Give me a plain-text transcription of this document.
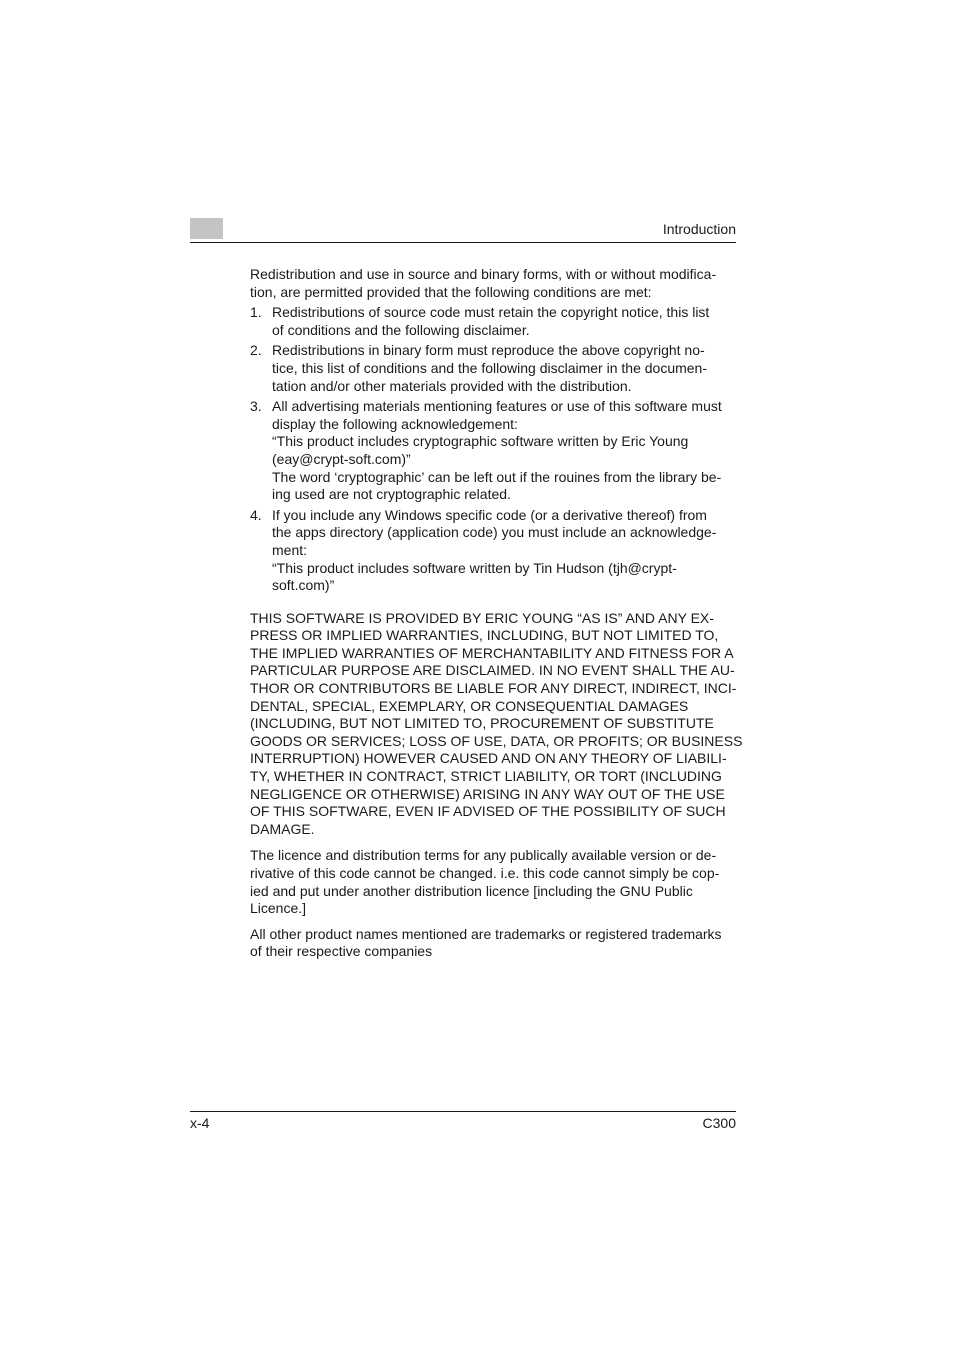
Introduction

Redistribution and use in source and binary forms, with or without modifica-
tion, are permitted provided that the following conditions are met:

1. Redistributions of source code must retain the copyright notice, this list
of conditions and the following disclaimer.
2. Redistributions in binary form must reproduce the above copyright no-
tice, this list of conditions and the following disclaimer in the documen-
tation and/or other materials provided with the distribution.
3. All advertising materials mentioning features or use of this software must
display the following acknowledgement:
“This product includes cryptographic software written by Eric Young
(eay@crypt-soft.com)”
The word ‘cryptographic’ can be left out if the rouines from the library be-
ing used are not cryptographic related.
4. If you include any Windows specific code (or a derivative thereof) from
the apps directory (application code) you must include an acknowledge-
ment:
“This product includes software written by Tin Hudson (tjh@crypt-
soft.com)”

THIS SOFTWARE IS PROVIDED BY ERIC YOUNG “AS IS” AND ANY EX-
PRESS OR IMPLIED WARRANTIES, INCLUDING, BUT NOT LIMITED TO,
THE IMPLIED WARRANTIES OF MERCHANTABILITY AND FITNESS FOR A
PARTICULAR PURPOSE ARE DISCLAIMED. IN NO EVENT SHALL THE AU-
THOR OR CONTRIBUTORS BE LIABLE FOR ANY DIRECT, INDIRECT, INCI-
DENTAL, SPECIAL, EXEMPLARY, OR CONSEQUENTIAL DAMAGES
(INCLUDING, BUT NOT LIMITED TO, PROCUREMENT OF SUBSTITUTE
GOODS OR SERVICES; LOSS OF USE, DATA, OR PROFITS; OR BUSINESS
INTERRUPTION) HOWEVER CAUSED AND ON ANY THEORY OF LIABILI-
TY, WHETHER IN CONTRACT, STRICT LIABILITY, OR TORT (INCLUDING
NEGLIGENCE OR OTHERWISE) ARISING IN ANY WAY OUT OF THE USE
OF THIS SOFTWARE, EVEN IF ADVISED OF THE POSSIBILITY OF SUCH
DAMAGE.

The licence and distribution terms for any publically available version or de-
rivative of this code cannot be changed. i.e. this code cannot simply be cop-
ied and put under another distribution licence [including the GNU Public
Licence.]

All other product names mentioned are trademarks or registered trademarks
of their respective companies

x-4	C300
